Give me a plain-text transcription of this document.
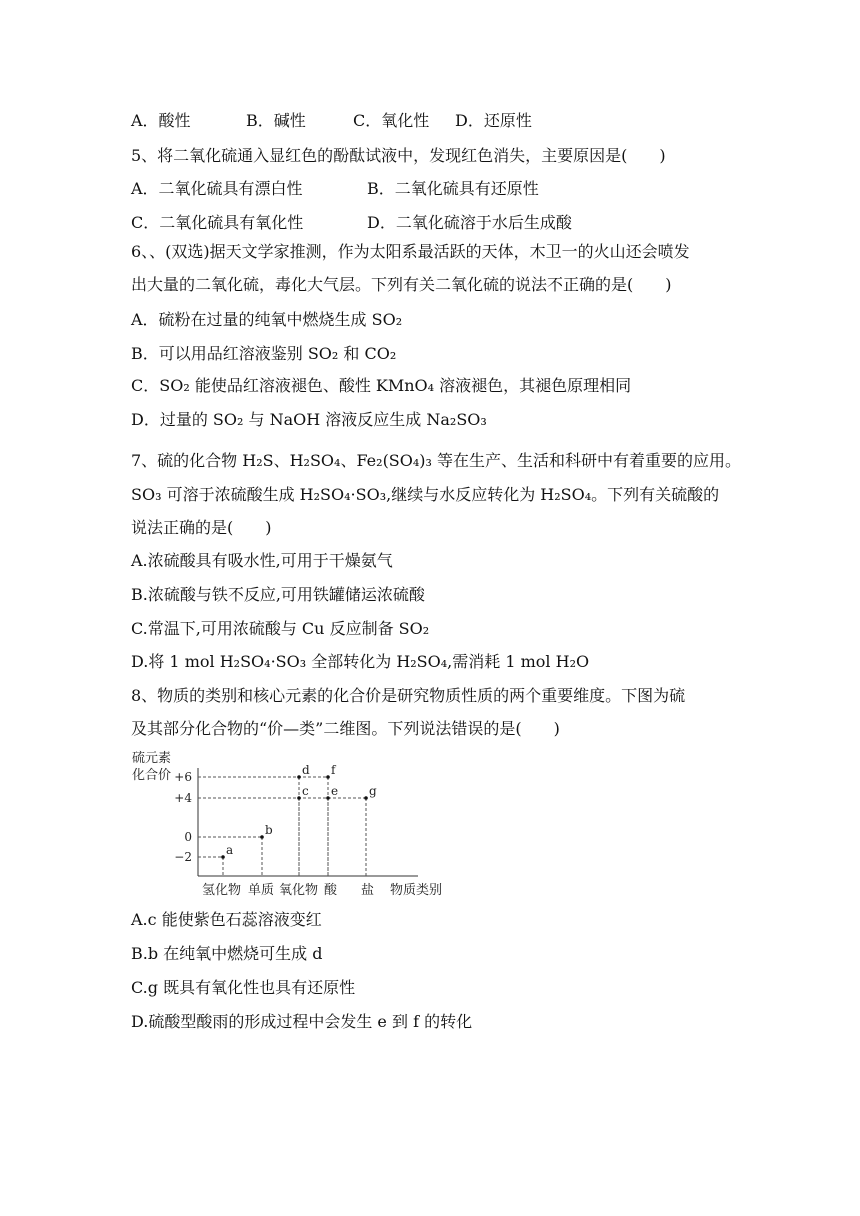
A．酸性	B．碱性	C．氧化性 D．还原性
5、将二氧化硫通入显红色的酚酞试液中，发现红色消失，主要原因是(　　)
A．二氧化硫具有漂白性	B．二氧化硫具有还原性
C．二氧化硫具有氧化性	D．二氧化硫溶于水后生成酸
6、、(双选)据天文学家推测，作为太阳系最活跃的天体，木卫一的火山还会喷发
出大量的二氧化硫，毒化大气层。下列有关二氧化硫的说法不正确的是(　　)
A．硫粉在过量的纯氧中燃烧生成 SO₂
B．可以用品红溶液鉴别 SO₂ 和 CO₂
C．SO₂ 能使品红溶液褪色、酸性 KMnO₄ 溶液褪色，其褪色原理相同
D．过量的 SO₂ 与 NaOH 溶液反应生成 Na₂SO₃
7、硫的化合物 H₂S、H₂SO₄、Fe₂(SO₄)₃ 等在生产、生活和科研中有着重要的应用。
SO₃ 可溶于浓硫酸生成 H₂SO₄·SO₃,继续与水反应转化为 H₂SO₄。下列有关硫酸的
说法正确的是(　　)
A.浓硫酸具有吸水性,可用于干燥氨气
B.浓硫酸与铁不反应,可用铁罐储运浓硫酸
C.常温下,可用浓硫酸与 Cu 反应制备 SO₂
D.将 1 mol H₂SO₄·SO₃ 全部转化为 H₂SO₄,需消耗 1 mol H₂O
8、物质的类别和核心元素的化合价是研究物质性质的两个重要维度。下图为硫
及其部分化合物的“价—类”二维图。下列说法错误的是(　　)
硫元素
化合价 +6
+4
0
−2	a
b
c
d
e
f
g
氢化物 单质 氧化物 酸 盐 物质类别
A.c 能使紫色石蕊溶液变红
B.b 在纯氧中燃烧可生成 d
C.g 既具有氧化性也具有还原性
D.硫酸型酸雨的形成过程中会发生 e 到 f 的转化
